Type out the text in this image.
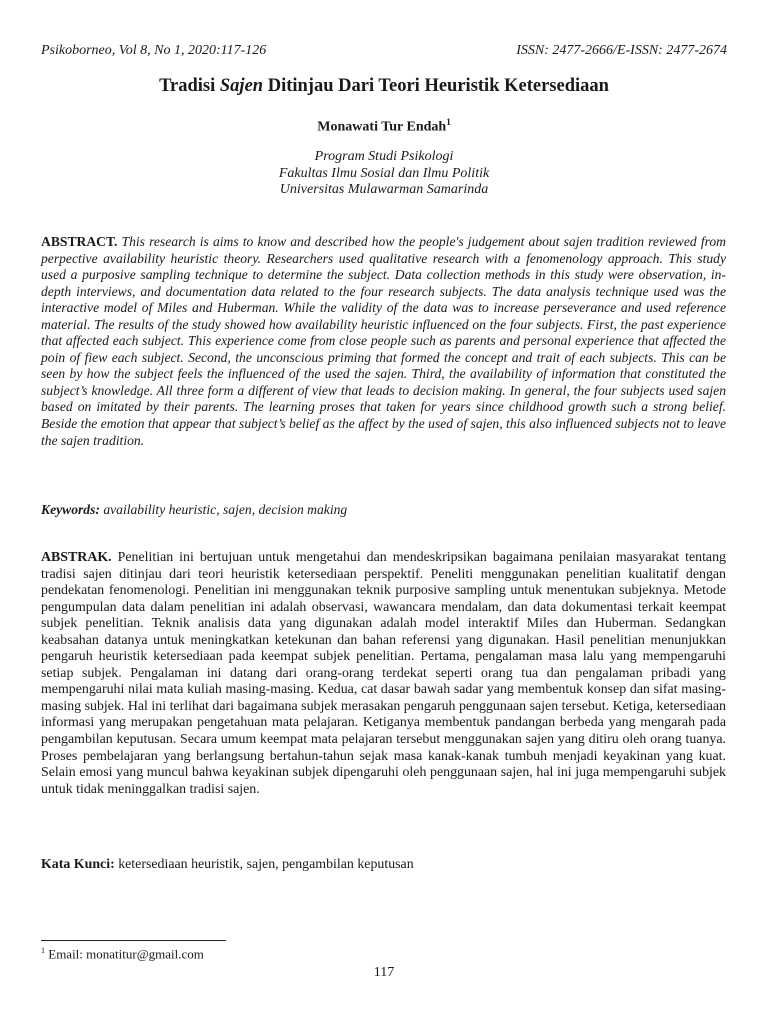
Psikoborneo, Vol 8, No 1, 2020:117-126	ISSN: 2477-2666/E-ISSN: 2477-2674
Tradisi Sajen Ditinjau Dari Teori Heuristik Ketersediaan
Monawati Tur Endah$^1$
Program Studi Psikologi
Fakultas Ilmu Sosial dan Ilmu Politik
Universitas Mulawarman Samarinda
ABSTRACT. This research is aims to know and described how the people's judgement about sajen tradition reviewed from perpective availability heuristic theory. Researchers used qualitative research with a fenomenology approach. This study used a purposive sampling technique to determine the subject. Data collection methods in this study were observation, in-depth interviews, and documentation data related to the four research subjects. The data analysis technique used was the interactive model of Miles and Huberman. While the validity of the data was to increase perseverance and used reference material. The results of the study showed how availability heuristic influenced on the four subjects. First, the past experience that affected each subject. This experience come from close people such as parents and personal experience that affected the poin of fiew each subject. Second, the unconscious priming that formed the concept and trait of each subjects. This can be seen by how the subject feels the influenced of the used the sajen. Third, the availability of information that constituted the subject’s knowledge. All three form a different of view that leads to decision making. In general, the four subjects used sajen based on imitated by their parents. The learning proses that taken for years since childhood growth such a strong belief. Beside the emotion that appear that subject’s belief as the affect by the used of sajen, this also influenced subjects not to leave the sajen tradition.
Keywords: availability heuristic, sajen, decision making
ABSTRAK. Penelitian ini bertujuan untuk mengetahui dan mendeskripsikan bagaimana penilaian masyarakat tentang tradisi sajen ditinjau dari teori heuristik ketersediaan perspektif. Peneliti menggunakan penelitian kualitatif dengan pendekatan fenomenologi. Penelitian ini menggunakan teknik purposive sampling untuk menentukan subjeknya. Metode pengumpulan data dalam penelitian ini adalah observasi, wawancara mendalam, dan data dokumentasi terkait keempat subjek penelitian. Teknik analisis data yang digunakan adalah model interaktif Miles dan Huberman. Sedangkan keabsahan datanya untuk meningkatkan ketekunan dan bahan referensi yang digunakan. Hasil penelitian menunjukkan pengaruh heuristik ketersediaan pada keempat subjek penelitian. Pertama, pengalaman masa lalu yang mempengaruhi setiap subjek. Pengalaman ini datang dari orang-orang terdekat seperti orang tua dan pengalaman pribadi yang mempengaruhi nilai mata kuliah masing-masing. Kedua, cat dasar bawah sadar yang membentuk konsep dan sifat masing-masing subjek. Hal ini terlihat dari bagaimana subjek merasakan pengaruh penggunaan sajen tersebut. Ketiga, ketersediaan informasi yang merupakan pengetahuan mata pelajaran. Ketiganya membentuk pandangan berbeda yang mengarah pada pengambilan keputusan. Secara umum keempat mata pelajaran tersebut menggunakan sajen yang ditiru oleh orang tuanya. Proses pembelajaran yang berlangsung bertahun-tahun sejak masa kanak-kanak tumbuh menjadi keyakinan yang kuat. Selain emosi yang muncul bahwa keyakinan subjek dipengaruhi oleh penggunaan sajen, hal ini juga mempengaruhi subjek untuk tidak meninggalkan tradisi sajen.
Kata Kunci: ketersediaan heuristik, sajen, pengambilan keputusan
$^1$ Email: monatitur@gmail.com
117
